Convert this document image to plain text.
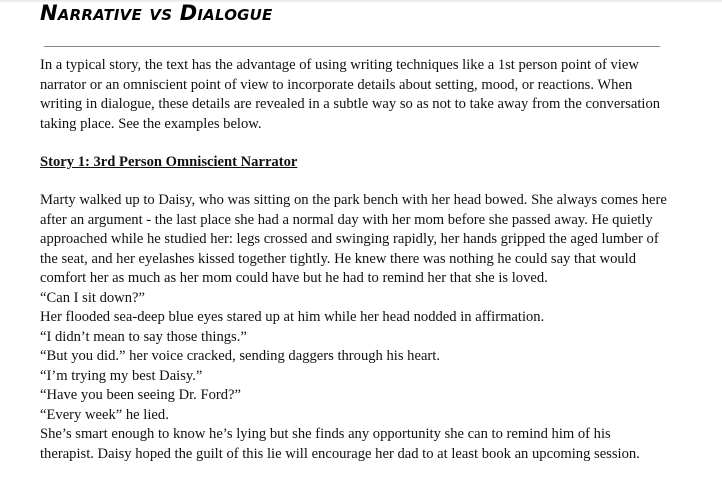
Narrative vs Dialogue

In a typical story, the text has the advantage of using writing techniques like a 1st person point of view narrator or an omniscient point of view to incorporate details about setting, mood, or reactions. When writing in dialogue, these details are revealed in a subtle way so as not to take away from the conversation taking place. See the examples below.

Story 1: 3rd Person Omniscient Narrator

Marty walked up to Daisy, who was sitting on the park bench with her head bowed. She always comes here after an argument - the last place she had a normal day with her mom before she passed away. He quietly approached while he studied her: legs crossed and swinging rapidly, her hands gripped the aged lumber of the seat, and her eyelashes kissed together tightly. He knew there was nothing he could say that would comfort her as much as her mom could have but he had to remind her that she is loved.

“Can I sit down?”

Her flooded sea-deep blue eyes stared up at him while her head nodded in affirmation.

“I didn’t mean to say those things.”

“But you did.” her voice cracked, sending daggers through his heart.

“I’m trying my best Daisy.”

“Have you been seeing Dr. Ford?”

“Every week” he lied.

She’s smart enough to know he’s lying but she finds any opportunity she can to remind him of his therapist. Daisy hoped the guilt of this lie will encourage her dad to at least book an upcoming session.
